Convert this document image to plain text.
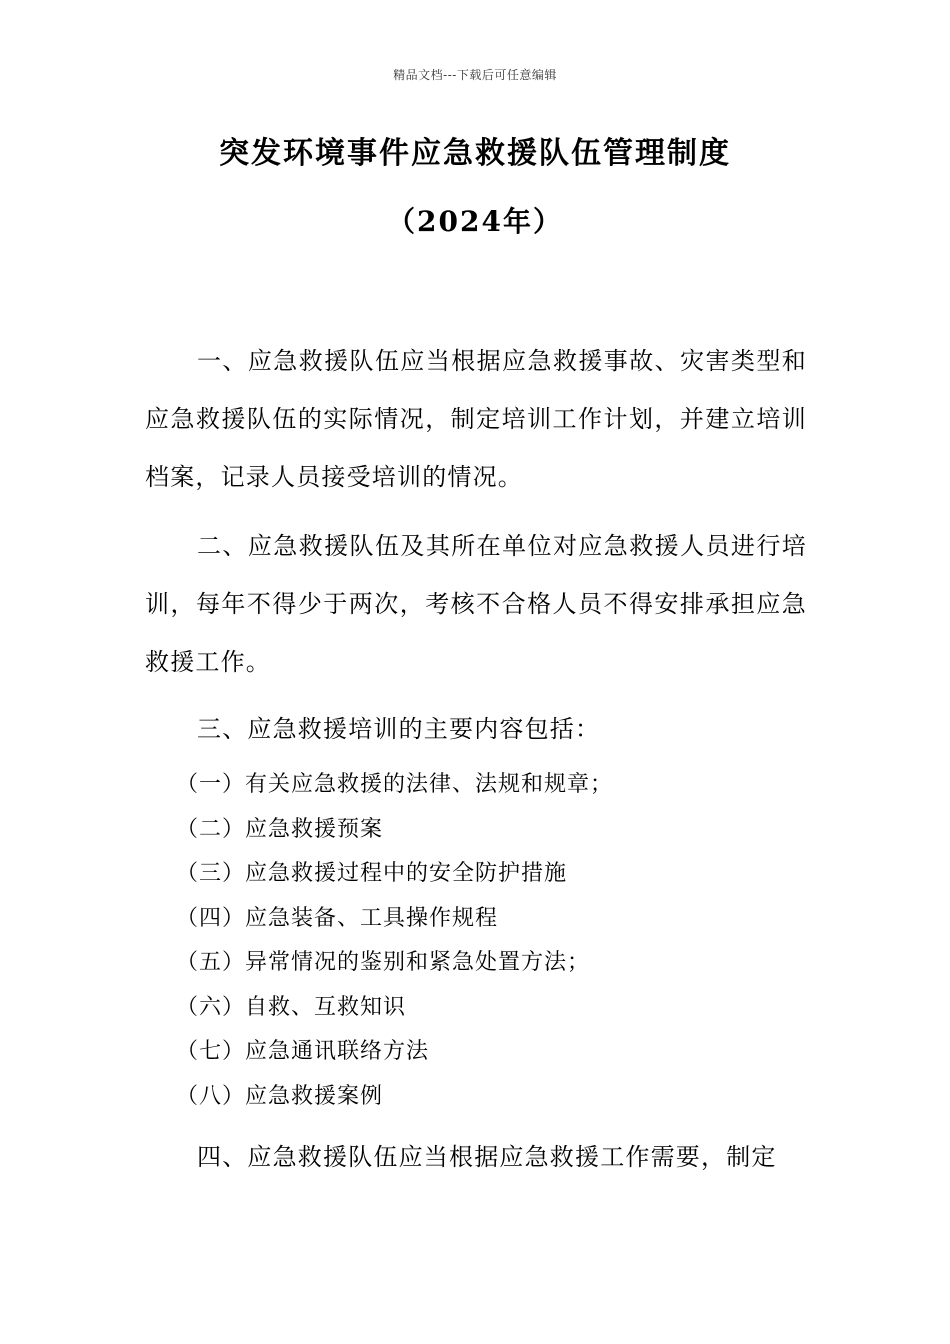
精品文档---下载后可任意编辑
突发环境事件应急救援队伍管理制度
（2024年）

一、应急救援队伍应当根据应急救援事故、灾害类型和应急救援队伍的实际情况，制定培训工作计划，并建立培训档案，记录人员接受培训的情况。

二、应急救援队伍及其所在单位对应急救援人员进行培训，每年不得少于两次，考核不合格人员不得安排承担应急救援工作。

三、应急救援培训的主要内容包括：

（一）有关应急救援的法律、法规和规章；
（二）应急救援预案
（三）应急救援过程中的安全防护措施
（四）应急装备、工具操作规程
（五）异常情况的鉴别和紧急处置方法；
（六）自救、互救知识
（七）应急通讯联络方法
（八）应急救援案例

四、应急救援队伍应当根据应急救援工作需要，制定
